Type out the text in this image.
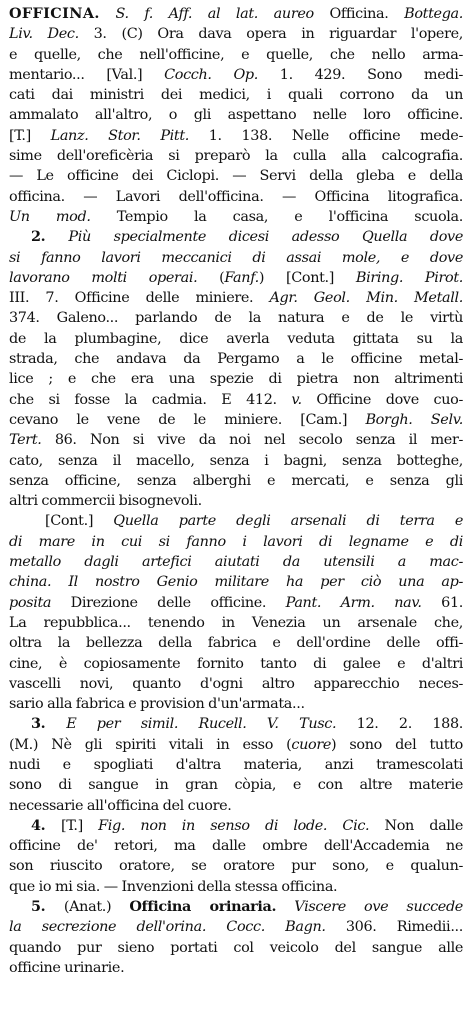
OFFICINA. S. f. Aff. al lat. aureo Officina. Bottega.
Liv. Dec. 3. (C) Ora dava opera in riguardar l'opere,
e quelle, che nell'officine, e quelle, che nello arma-
mentario... [Val.] Cocch. Op. 1. 429. Sono medi-
cati dai ministri dei medici, i quali corrono da un
ammalato all'altro, o gli aspettano nelle loro officine.
[T.] Lanz. Stor. Pitt. 1. 138. Nelle officine mede-
sime dell'oreficèria si preparò la culla alla calcografia.
— Le officine dei Ciclopi. — Servi della gleba e della
officina. — Lavori dell'officina. — Officina litografica.
Un mod. Tempio la casa, e l'officina scuola.
2. Più specialmente dicesi adesso Quella dove
si fanno lavori meccanici di assai mole, e dove
lavorano molti operai. (Fanf.) [Cont.] Biring. Pirot.
III. 7. Officine delle miniere. Agr. Geol. Min. Metall.
374. Galeno... parlando de la natura e de le virtù
de la plumbagine, dice averla veduta gittata su la
strada, che andava da Pergamo a le officine metal-
lice ; e che era una spezie di pietra non altrimenti
che si fosse la cadmia. E 412. v. Officine dove cuo-
cevano le vene de le miniere. [Cam.] Borgh. Selv.
Tert. 86. Non si vive da noi nel secolo senza il mer-
cato, senza il macello, senza i bagni, senza botteghe,
senza officine, senza alberghi e mercati, e senza gli
altri commercii bisognevoli.
[Cont.] Quella parte degli arsenali di terra e
di mare in cui si fanno i lavori di legname e di
metallo dagli artefici aiutati da utensili a mac-
china. Il nostro Genio militare ha per ciò una ap-
posita Direzione delle officine. Pant. Arm. nav. 61.
La repubblica... tenendo in Venezia un arsenale che,
oltra la bellezza della fabrica e dell'ordine delle offi-
cine, è copiosamente fornito tanto di galee e d'altri
vascelli novi, quanto d'ogni altro apparecchio neces-
sario alla fabrica e provision d'un'armata...
3. E per simil. Rucell. V. Tusc. 12. 2. 188.
(M.) Nè gli spiriti vitali in esso (cuore) sono del tutto
nudi e spogliati d'altra materia, anzi tramescolati
sono di sangue in gran còpia, e con altre materie
necessarie all'officina del cuore.
4. [T.] Fig. non in senso di lode. Cic. Non dalle
officine de' retori, ma dalle ombre dell'Accademia ne
son riuscito oratore, se oratore pur sono, e qualun-
que io mi sia. — Invenzioni della stessa officina.
5. (Anat.) Officina orinaria. Viscere ove succede
la secrezione dell'orina. Cocc. Bagn. 306. Rimedii...
quando pur sieno portati col veicolo del sangue alle
officine urinarie.
